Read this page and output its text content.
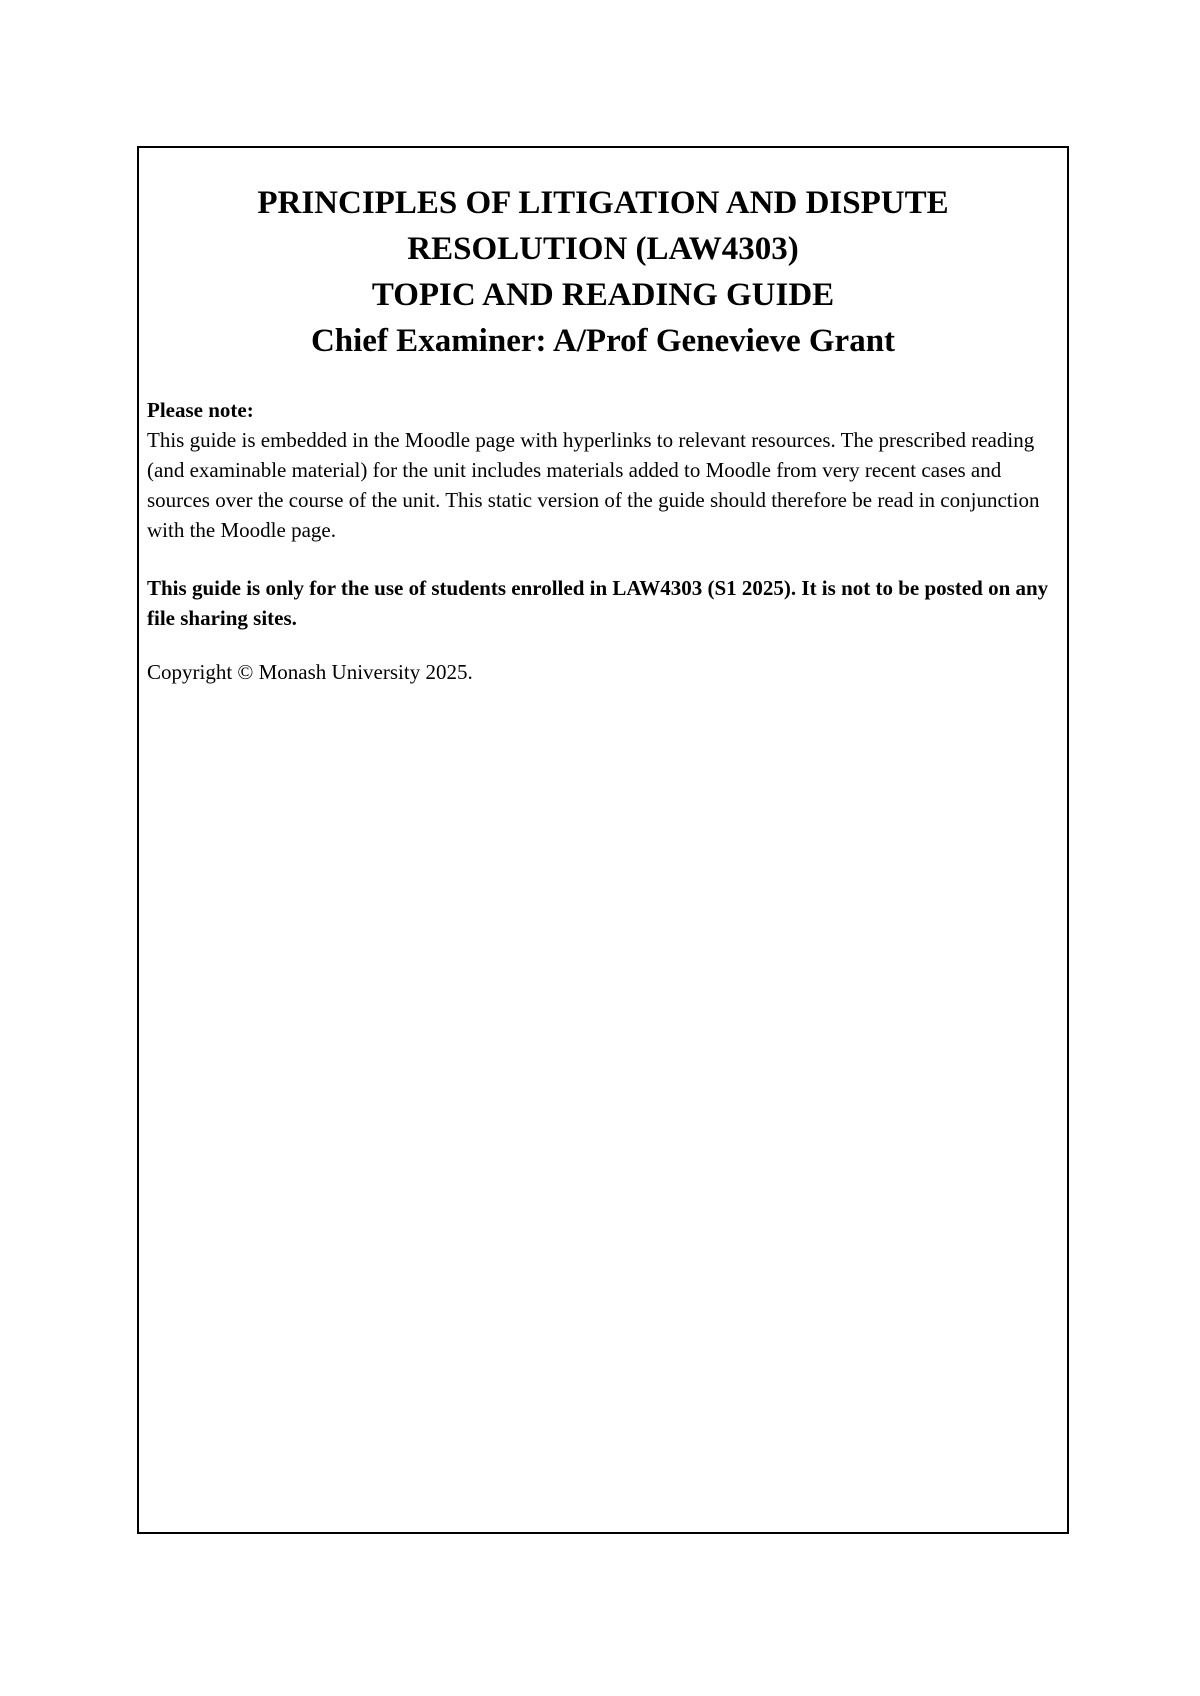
PRINCIPLES OF LITIGATION AND DISPUTE
RESOLUTION (LAW4303)
TOPIC AND READING GUIDE
Chief Examiner: A/Prof Genevieve Grant
Please note:

This guide is embedded in the Moodle page with hyperlinks to relevant resources. The prescribed reading (and examinable material) for the unit includes materials added to Moodle from very recent cases and sources over the course of the unit. This static version of the guide should therefore be read in conjunction with the Moodle page.

This guide is only for the use of students enrolled in LAW4303 (S1 2025). It is not to be posted on any file sharing sites.
Copyright © Monash University 2025.
